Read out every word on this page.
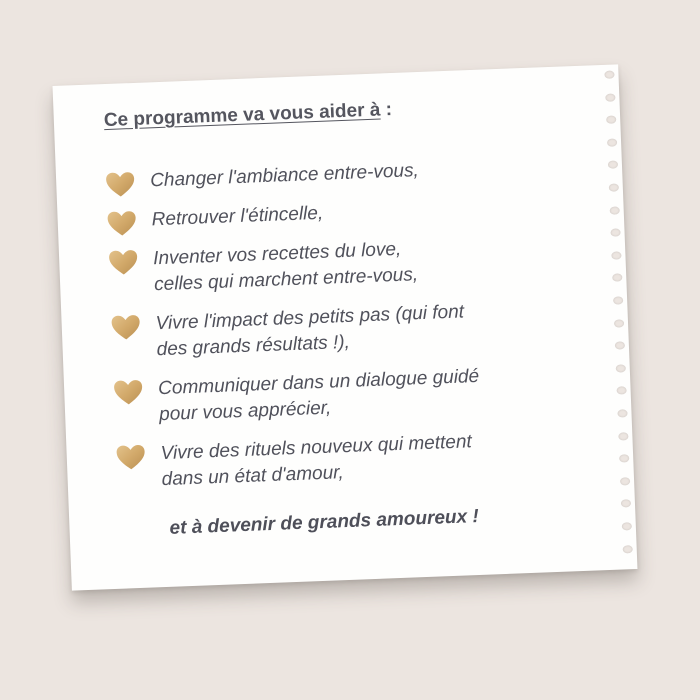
Ce programme va vous aider à :
Changer l'ambiance entre-vous,
Retrouver l'étincelle,
Inventer vos recettes du love,
celles qui marchent entre-vous,
Vivre l'impact des petits pas (qui font
des grands résultats !),
Communiquer dans un dialogue guidé
pour vous apprécier,
Vivre des rituels nouveux qui mettent
dans un état d'amour,
et à devenir de grands amoureux !
